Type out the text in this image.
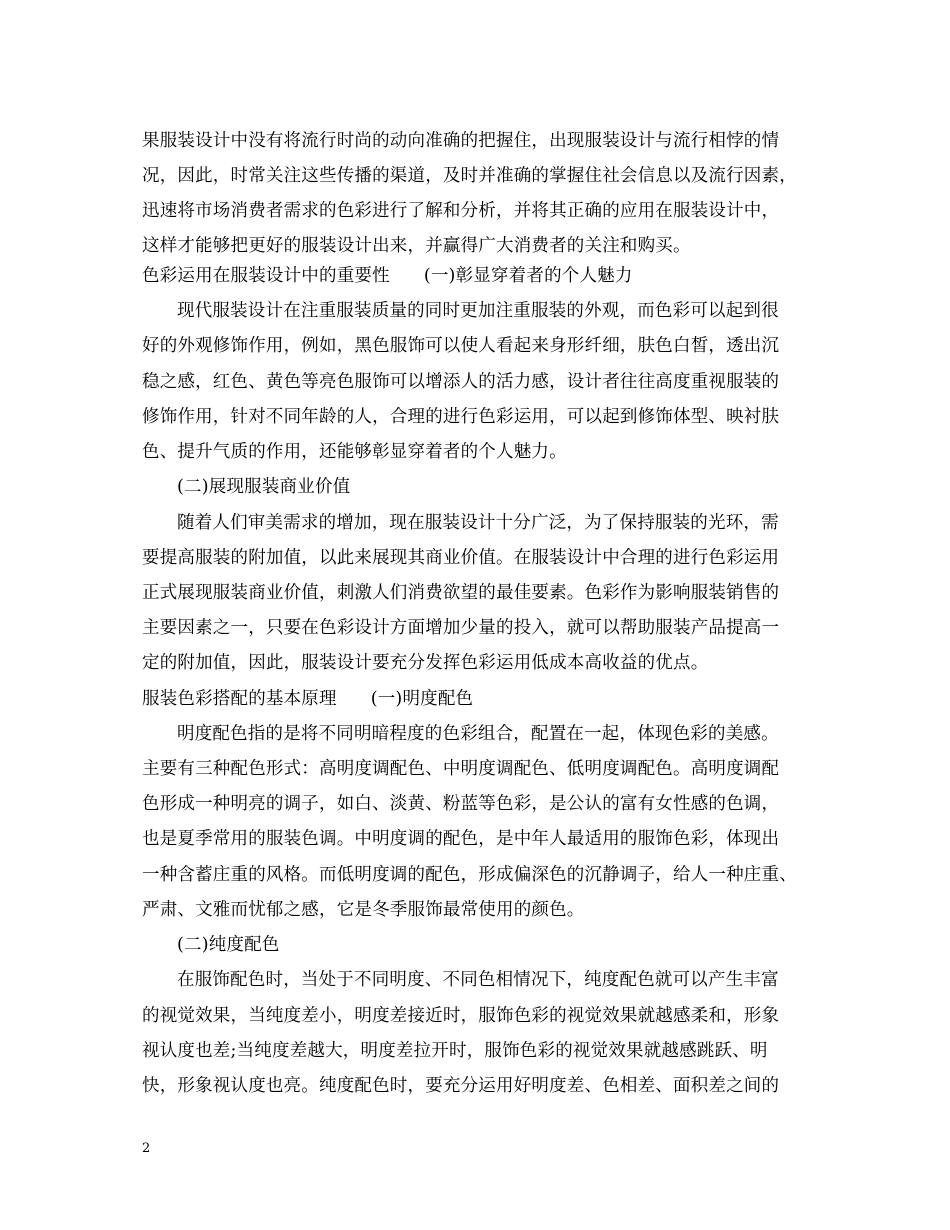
果服装设计中没有将流行时尚的动向准确的把握住，出现服装设计与流行相悖的情
况，因此，时常关注这些传播的渠道，及时并准确的掌握住社会信息以及流行因素，
迅速将市场消费者需求的色彩进行了解和分析，并将其正确的应用在服装设计中，
这样才能够把更好的服装设计出来，并赢得广大消费者的关注和购买。
色彩运用在服装设计中的重要性 (一)彰显穿着者的个人魅力
现代服装设计在注重服装质量的同时更加注重服装的外观，而色彩可以起到很
好的外观修饰作用，例如，黑色服饰可以使人看起来身形纤细，肤色白皙，透出沉
稳之感，红色、黄色等亮色服饰可以增添人的活力感，设计者往往高度重视服装的
修饰作用，针对不同年龄的人，合理的进行色彩运用，可以起到修饰体型、映衬肤
色、提升气质的作用，还能够彰显穿着者的个人魅力。
(二)展现服装商业价值
随着人们审美需求的增加，现在服装设计十分广泛，为了保持服装的光环，需
要提高服装的附加值，以此来展现其商业价值。在服装设计中合理的进行色彩运用
正式展现服装商业价值，刺激人们消费欲望的最佳要素。色彩作为影响服装销售的
主要因素之一，只要在色彩设计方面增加少量的投入，就可以帮助服装产品提高一
定的附加值，因此，服装设计要充分发挥色彩运用低成本高收益的优点。
服装色彩搭配的基本原理 (一)明度配色
明度配色指的是将不同明暗程度的色彩组合，配置在一起，体现色彩的美感。
主要有三种配色形式：高明度调配色、中明度调配色、低明度调配色。高明度调配
色形成一种明亮的调子，如白、淡黄、粉蓝等色彩，是公认的富有女性感的色调，
也是夏季常用的服装色调。中明度调的配色，是中年人最适用的服饰色彩，体现出
一种含蓄庄重的风格。而低明度调的配色，形成偏深色的沉静调子，给人一种庄重、
严肃、文雅而忧郁之感，它是冬季服饰最常使用的颜色。
(二)纯度配色
在服饰配色时，当处于不同明度、不同色相情况下，纯度配色就可以产生丰富
的视觉效果，当纯度差小，明度差接近时，服饰色彩的视觉效果就越感柔和，形象
视认度也差;当纯度差越大，明度差拉开时，服饰色彩的视觉效果就越感跳跃、明
快，形象视认度也亮。纯度配色时，要充分运用好明度差、色相差、面积差之间的
2
